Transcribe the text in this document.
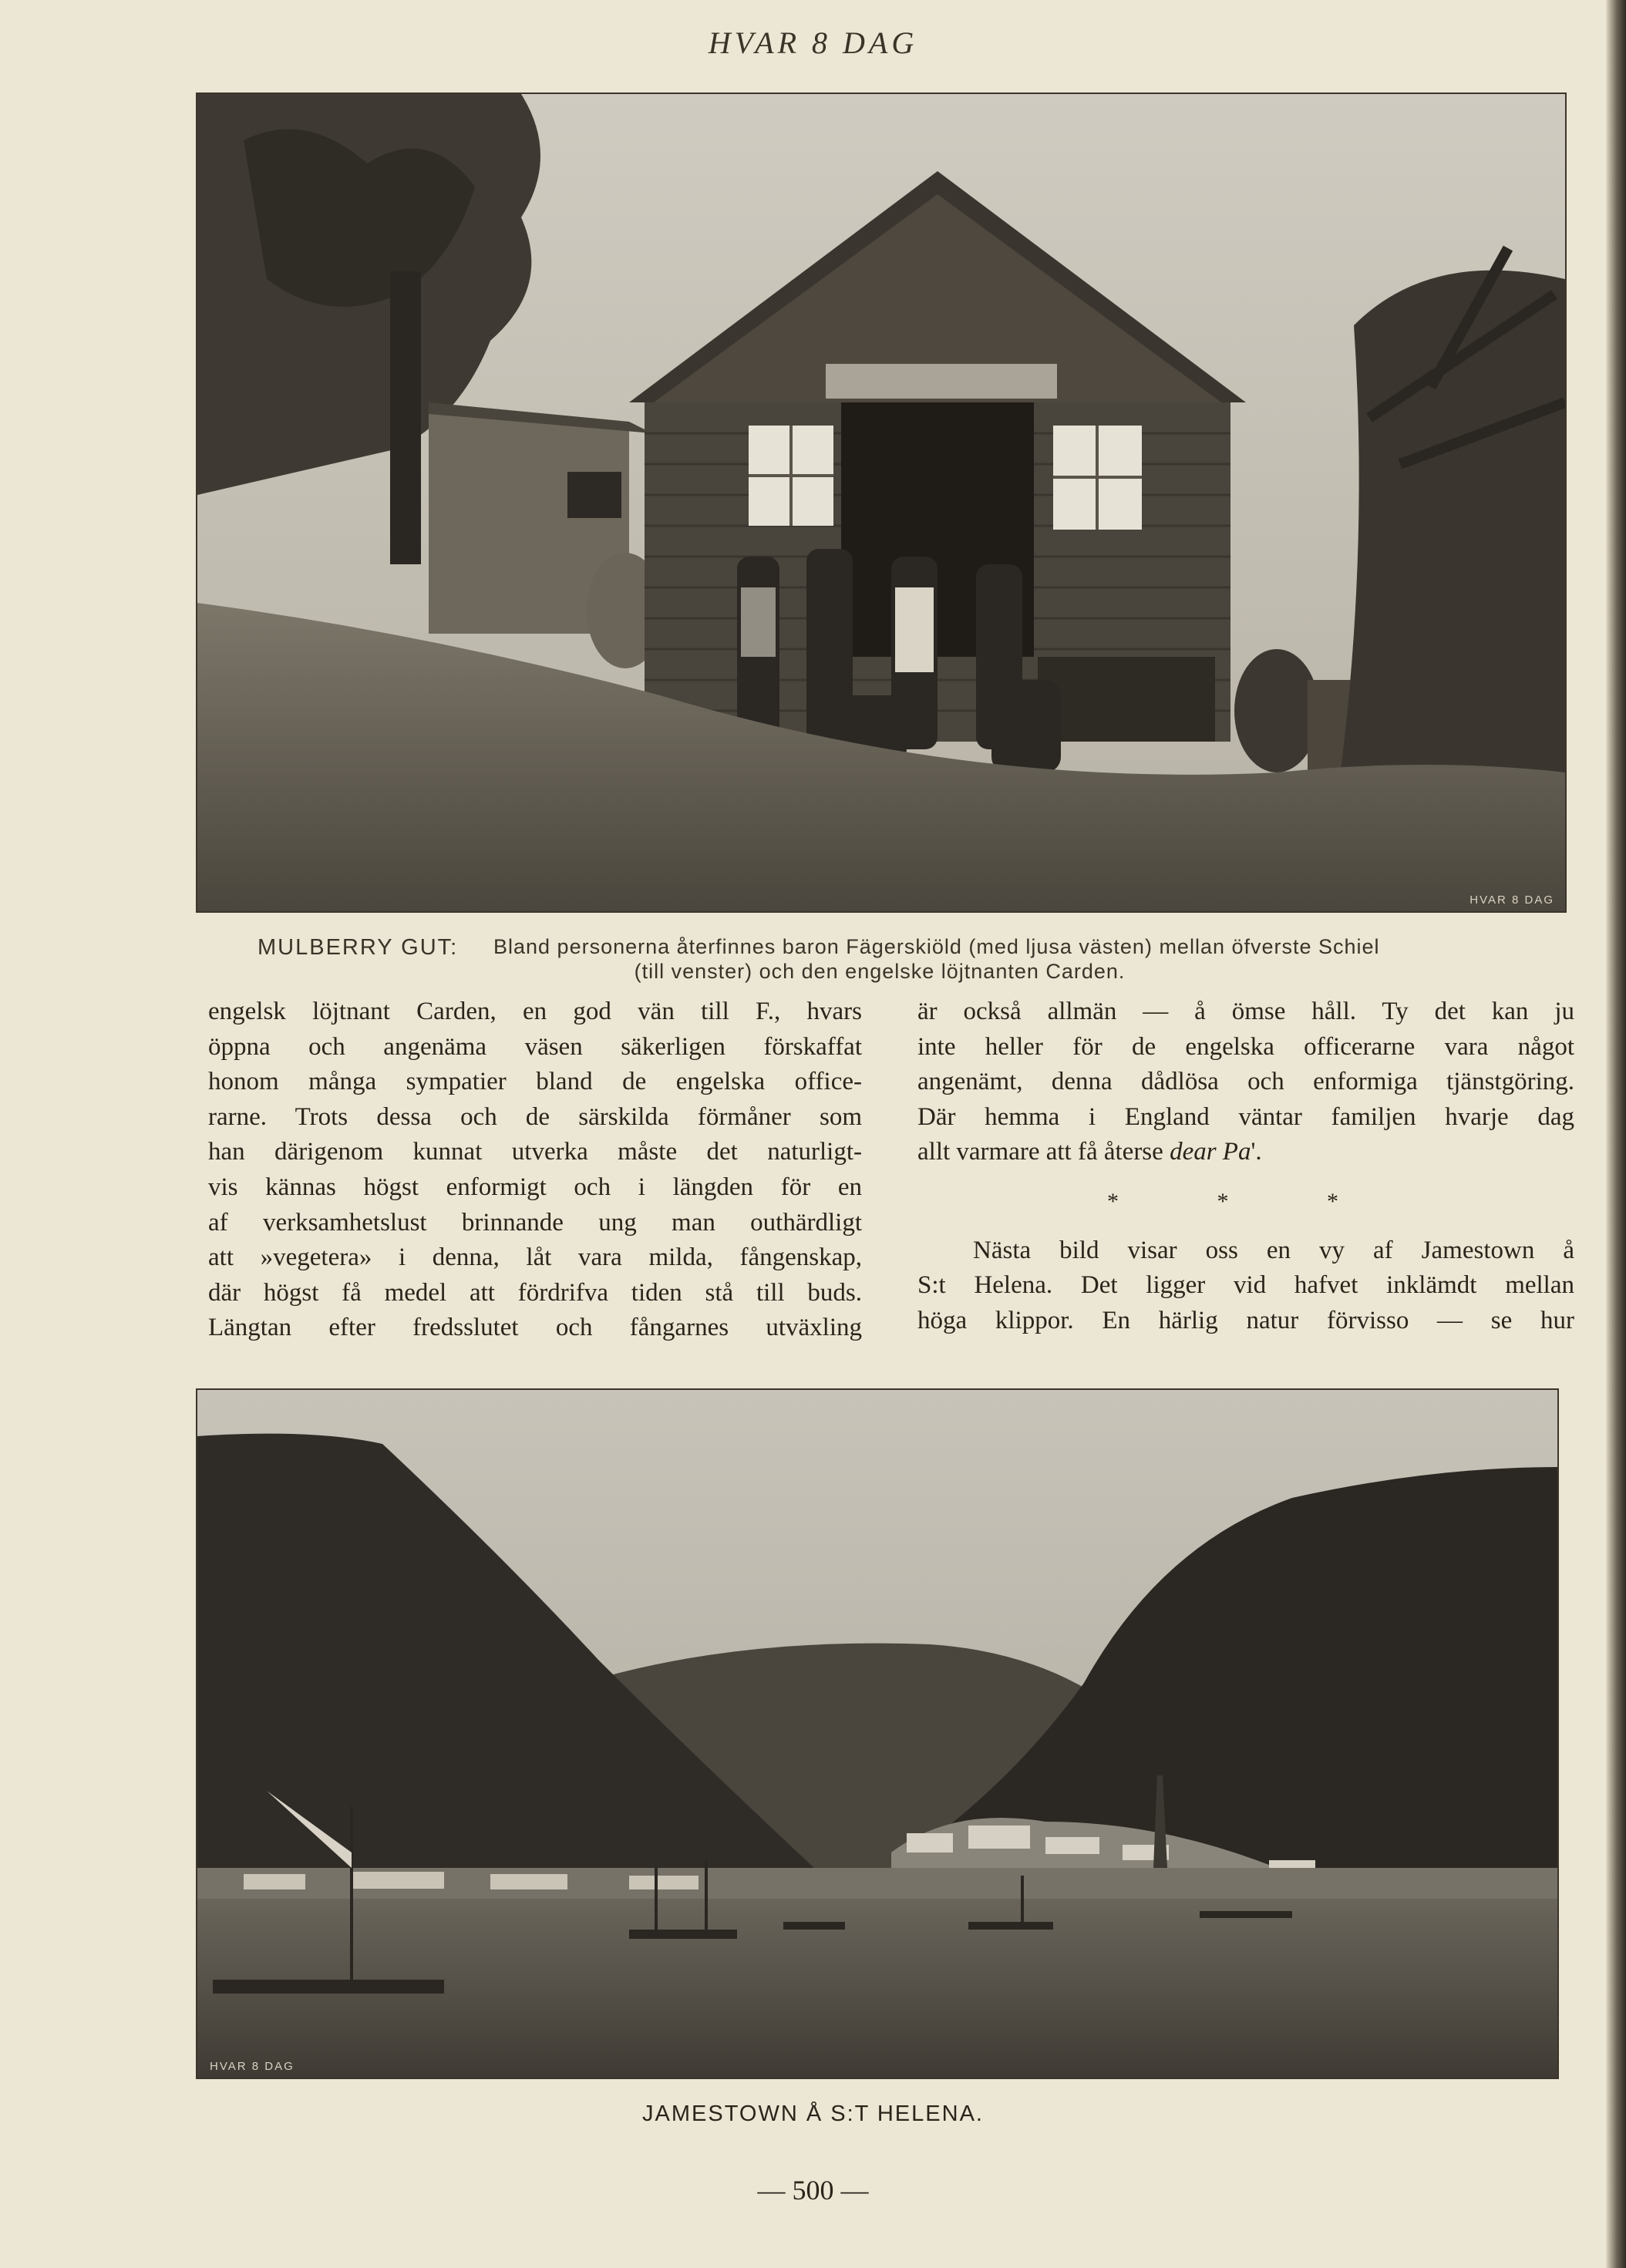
HVAR 8 DAG
HVAR 8 DAG
MULBERRY GUT: Bland personerna återfinnes baron Fägerskiöld (med ljusa västen) mellan öfverste Schiel
(till venster) och den engelske löjtnanten Carden.
engelsk löjtnant Carden, en god vän till F., hvars
öppna och angenäma väsen säkerligen förskaffat
honom många sympatier bland de engelska office-
rarne. Trots dessa och de särskilda förmåner som
han därigenom kunnat utverka måste det naturligt-
vis kännas högst enformigt och i längden för en
af verksamhetslust brinnande ung man outhärdligt
att »vegetera» i denna, låt vara milda, fångenskap,
där högst få medel att fördrifva tiden stå till buds.
Längtan efter fredsslutet och fångarnes utväxling
är också allmän — å ömse håll. Ty det kan ju
inte heller för de engelska officerarne vara något
angenämt, denna dådlösa och enformiga tjänstgöring.
Där hemma i England väntar familjen hvarje dag
allt varmare att få återse dear Pa'.
* * *
Nästa bild visar oss en vy af Jamestown å
S:t Helena. Det ligger vid hafvet inklämdt mellan
höga klippor. En härlig natur förvisso — se hur
HVAR 8 DAG
JAMESTOWN Å S:T HELENA.
— 500 —
